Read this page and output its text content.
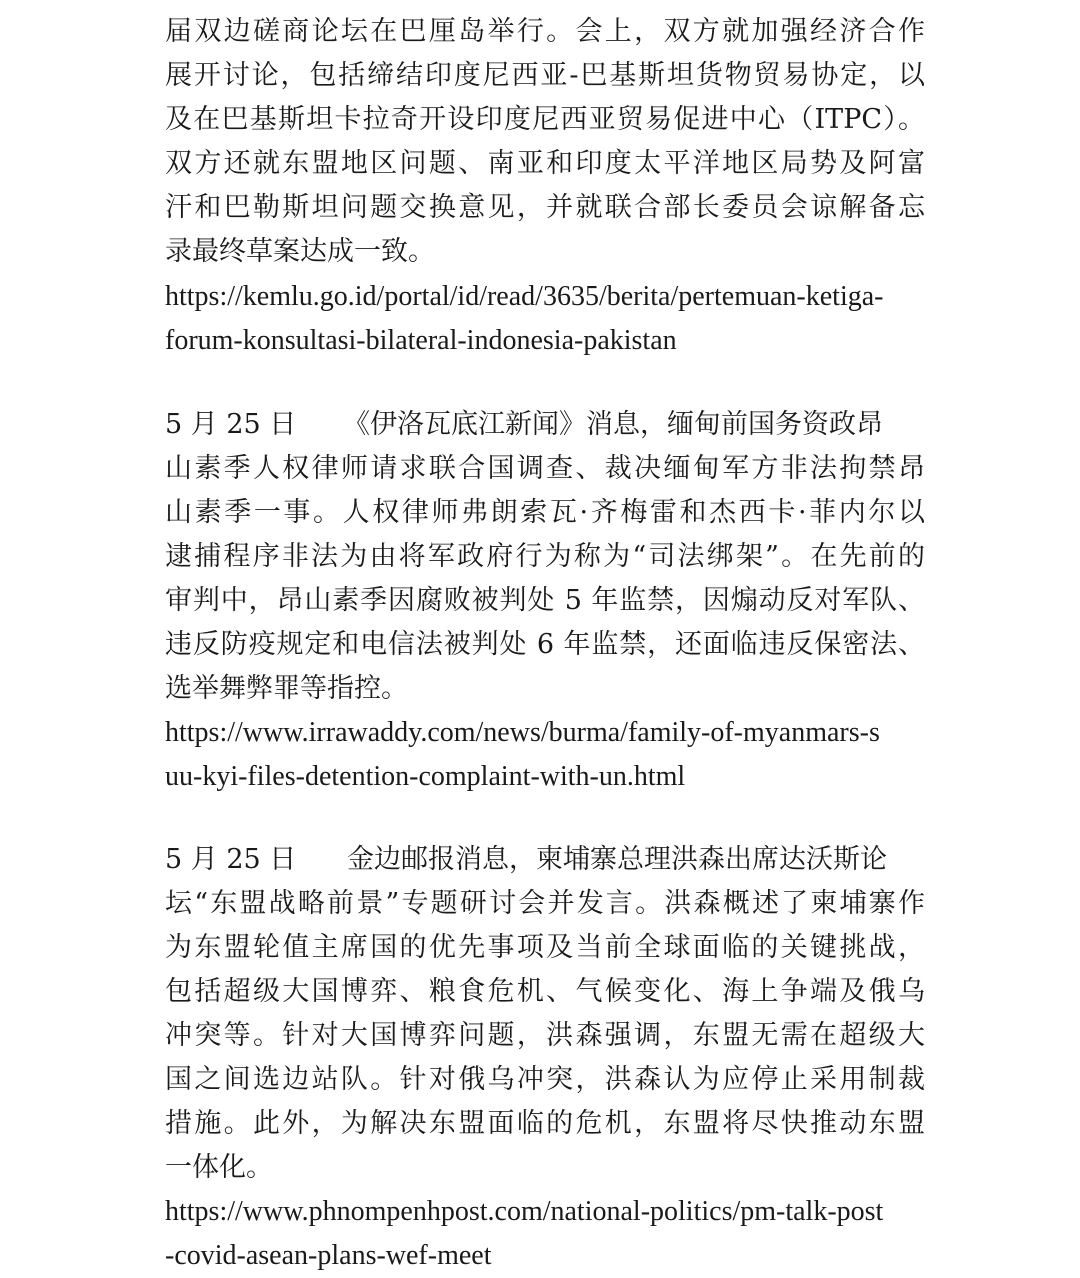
届双边磋商论坛在巴厘岛举行。会上，双方就加强经济合作
展开讨论，包括缔结印度尼西亚-巴基斯坦货物贸易协定，以
及在巴基斯坦卡拉奇开设印度尼西亚贸易促进中心（ITPC）。
双方还就东盟地区问题、南亚和印度太平洋地区局势及阿富
汗和巴勒斯坦问题交换意见，并就联合部长委员会谅解备忘
录最终草案达成一致。
https://kemlu.go.id/portal/id/read/3635/berita/pertemuan-ketiga-
forum-konsultasi-bilateral-indonesia-pakistan
5 月 25 日 《伊洛瓦底江新闻》消息，缅甸前国务资政昂
山素季人权律师请求联合国调查、裁决缅甸军方非法拘禁昂
山素季一事。人权律师弗朗索瓦·齐梅雷和杰西卡·菲内尔以
逮捕程序非法为由将军政府行为称为“司法绑架”。在先前的
审判中，昂山素季因腐败被判处 5 年监禁，因煽动反对军队、
违反防疫规定和电信法被判处 6 年监禁，还面临违反保密法、
选举舞弊罪等指控。
https://www.irrawaddy.com/news/burma/family-of-myanmars-s
uu-kyi-files-detention-complaint-with-un.html
5 月 25 日 金边邮报消息，柬埔寨总理洪森出席达沃斯论
坛“东盟战略前景”专题研讨会并发言。洪森概述了柬埔寨作
为东盟轮值主席国的优先事项及当前全球面临的关键挑战，
包括超级大国博弈、粮食危机、气候变化、海上争端及俄乌
冲突等。针对大国博弈问题，洪森强调，东盟无需在超级大
国之间选边站队。针对俄乌冲突，洪森认为应停止采用制裁
措施。此外，为解决东盟面临的危机，东盟将尽快推动东盟
一体化。
https://www.phnompenhpost.com/national-politics/pm-talk-post
-covid-asean-plans-wef-meet
